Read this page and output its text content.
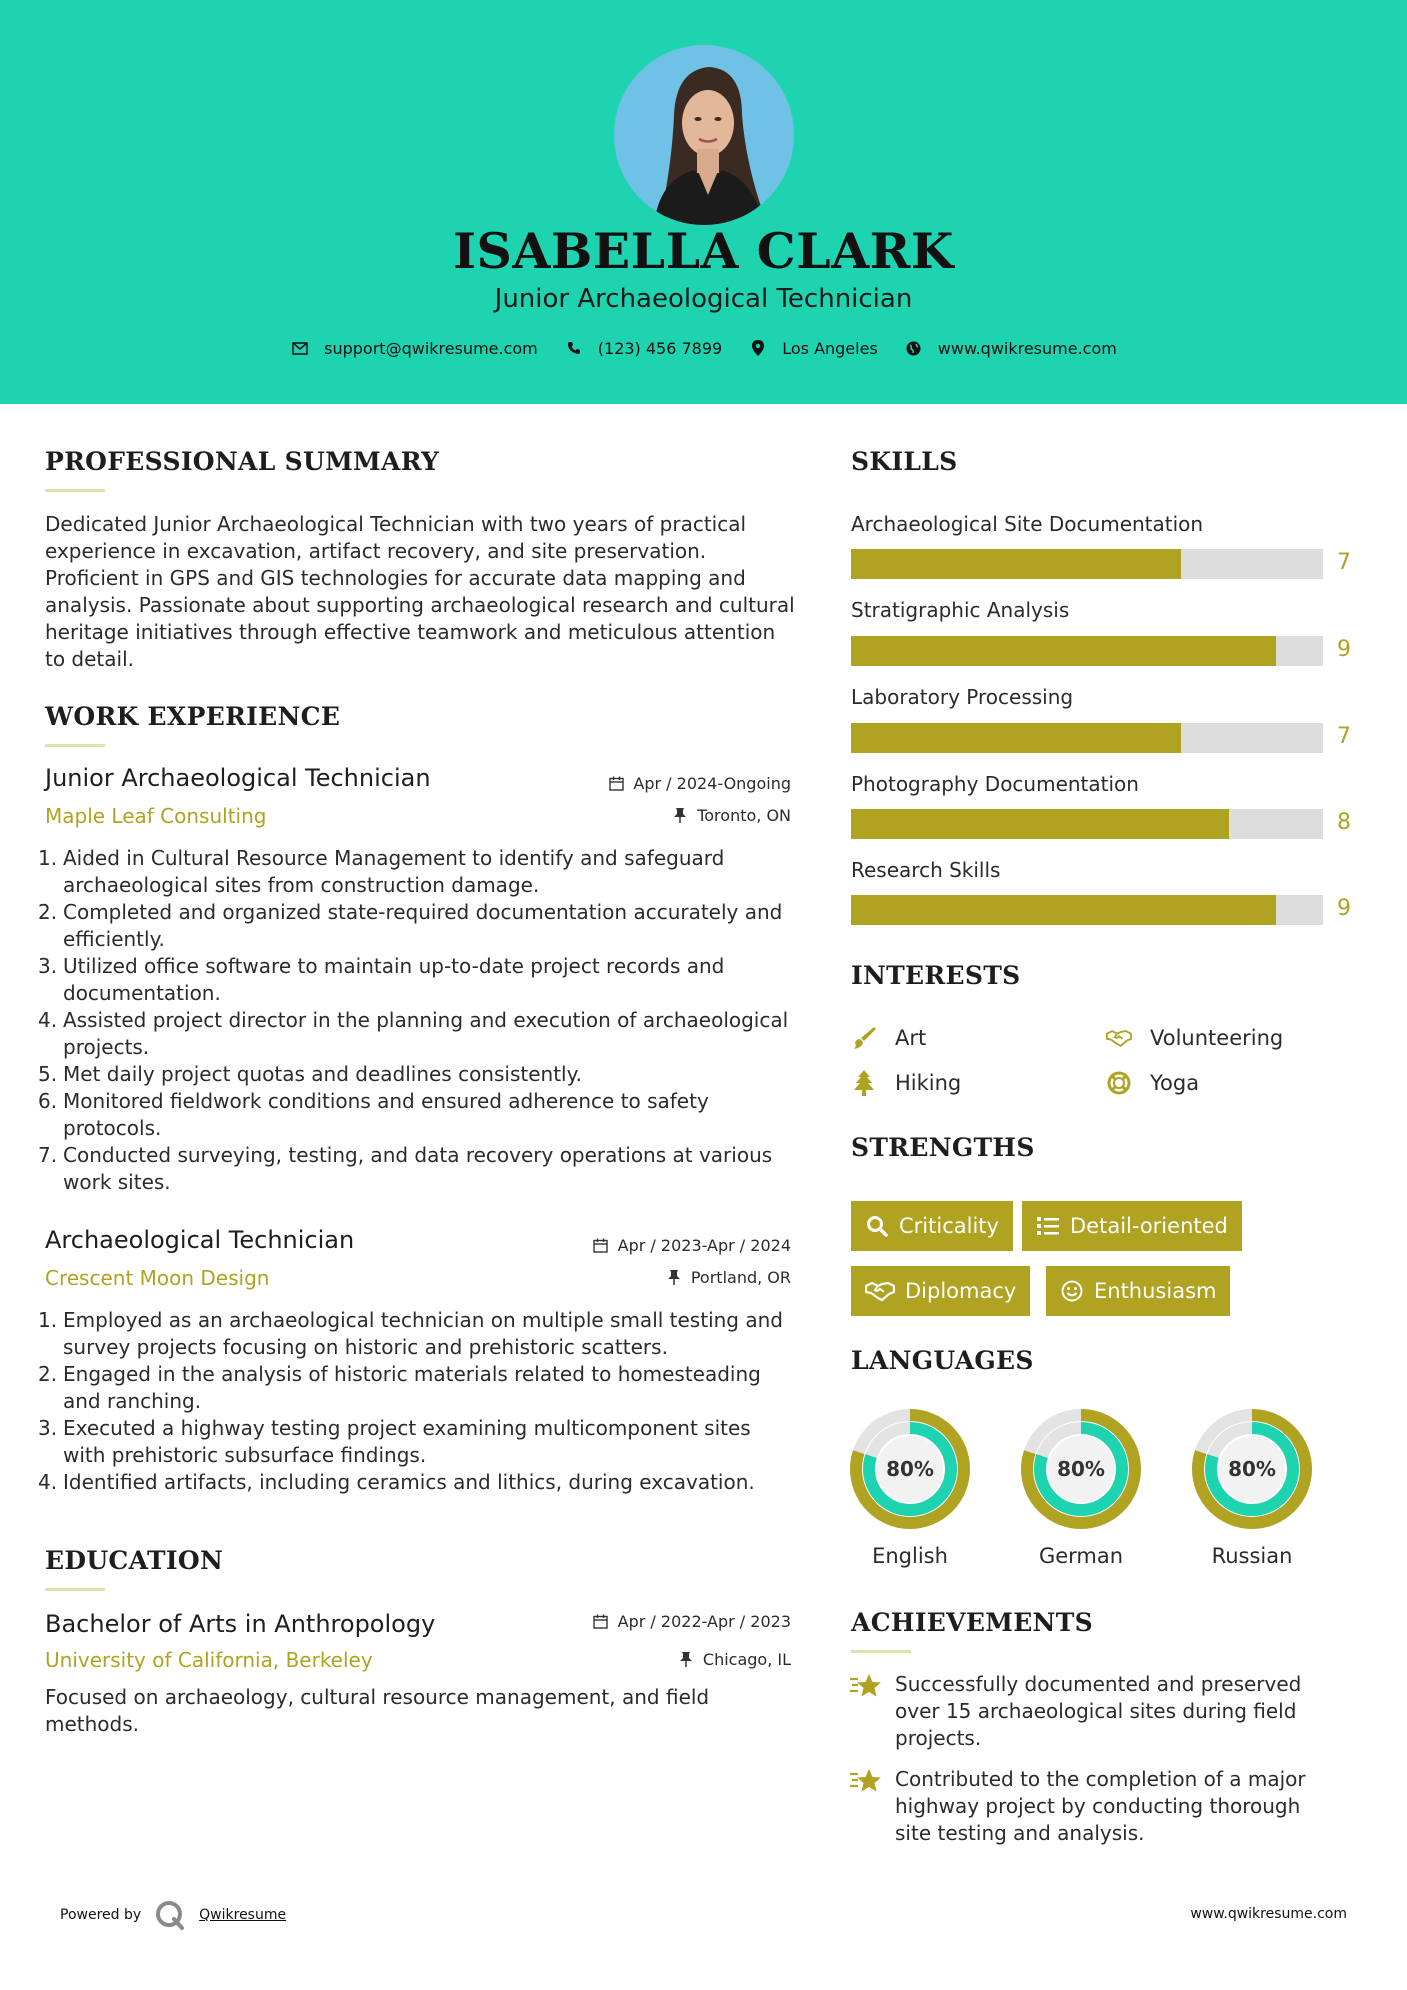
ISABELLA CLARK
Junior Archaeological Technician
support@qwikresume.com	(123) 456 7899	Los Angeles	www.qwikresume.com
PROFESSIONAL SUMMARY
Dedicated Junior Archaeological Technician with two years of practical experience in excavation, artifact recovery, and site preservation. Proficient in GPS and GIS technologies for accurate data mapping and analysis. Passionate about supporting archaeological research and cultural heritage initiatives through effective teamwork and meticulous attention to detail.
WORK EXPERIENCE
Junior Archaeological Technician	Apr / 2024-Ongoing
Maple Leaf Consulting	Toronto, ON
1. Aided in Cultural Resource Management to identify and safeguard archaeological sites from construction damage.
2. Completed and organized state-required documentation accurately and efficiently.
3. Utilized office software to maintain up-to-date project records and documentation.
4. Assisted project director in the planning and execution of archaeological projects.
5. Met daily project quotas and deadlines consistently.
6. Monitored fieldwork conditions and ensured adherence to safety protocols.
7. Conducted surveying, testing, and data recovery operations at various work sites.
Archaeological Technician	Apr / 2023-Apr / 2024
Crescent Moon Design	Portland, OR
1. Employed as an archaeological technician on multiple small testing and survey projects focusing on historic and prehistoric scatters.
2. Engaged in the analysis of historic materials related to homesteading and ranching.
3. Executed a highway testing project examining multicomponent sites with prehistoric subsurface findings.
4. Identified artifacts, including ceramics and lithics, during excavation.
EDUCATION
Bachelor of Arts in Anthropology	Apr / 2022-Apr / 2023
University of California, Berkeley	Chicago, IL
Focused on archaeology, cultural resource management, and field methods.
SKILLS
Archaeological Site Documentation
7
Stratigraphic Analysis
9
Laboratory Processing
7
Photography Documentation
8
Research Skills
9
INTERESTS
Art	Volunteering
Hiking	Yoga
STRENGTHS
Criticality	Detail-oriented
Diplomacy	Enthusiasm
LANGUAGES
80%
English
80%
German
80%
Russian
ACHIEVEMENTS
Successfully documented and preserved over 15 archaeological sites during field projects.
Contributed to the completion of a major highway project by conducting thorough site testing and analysis.
Powered by	Qwikresume	www.qwikresume.com
